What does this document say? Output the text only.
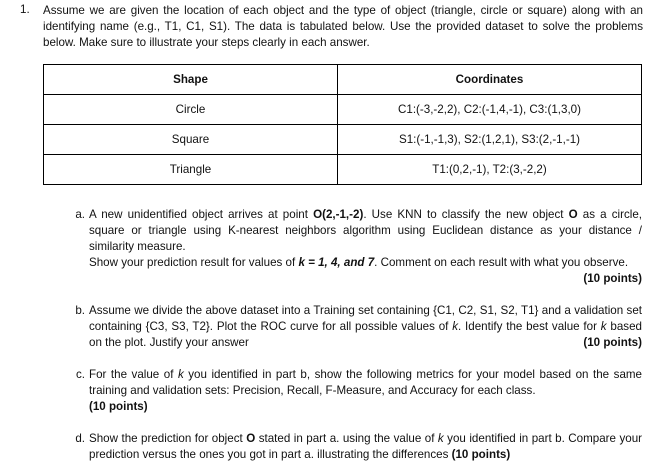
1. Assume we are given the location of each object and the type of object (triangle, circle or square) along with an identifying name (e.g., T1, C1, S1). The data is tabulated below. Use the provided dataset to solve the problems below. Make sure to illustrate your steps clearly in each answer.
Shape	Coordinates
Circle	C1:(-3,-2,2), C2:(-1,4,-1), C3:(1,3,0)
Square	S1:(-1,-1,3), S2:(1,2,1), S3:(2,-1,-1)
Triangle	T1:(0,2,-1), T2:(3,-2,2)
a. A new unidentified object arrives at point O(2,-1,-2). Use KNN to classify the new object O as a circle, square or triangle using K-nearest neighbors algorithm using Euclidean distance as your distance / similarity measure.
Show your prediction result for values of k = 1, 4, and 7. Comment on each result with what you observe.
(10 points)
b. Assume we divide the above dataset into a Training set containing {C1, C2, S1, S2, T1} and a validation set containing {C3, S3, T2}. Plot the ROC curve for all possible values of k. Identify the best value for k based on the plot. Justify your answer	(10 points)
c. For the value of k you identified in part b, show the following metrics for your model based on the same training and validation sets: Precision, Recall, F-Measure, and Accuracy for each class.
(10 points)
d. Show the prediction for object O stated in part a. using the value of k you identified in part b. Compare your prediction versus the ones you got in part a. illustrating the differences (10 points)
